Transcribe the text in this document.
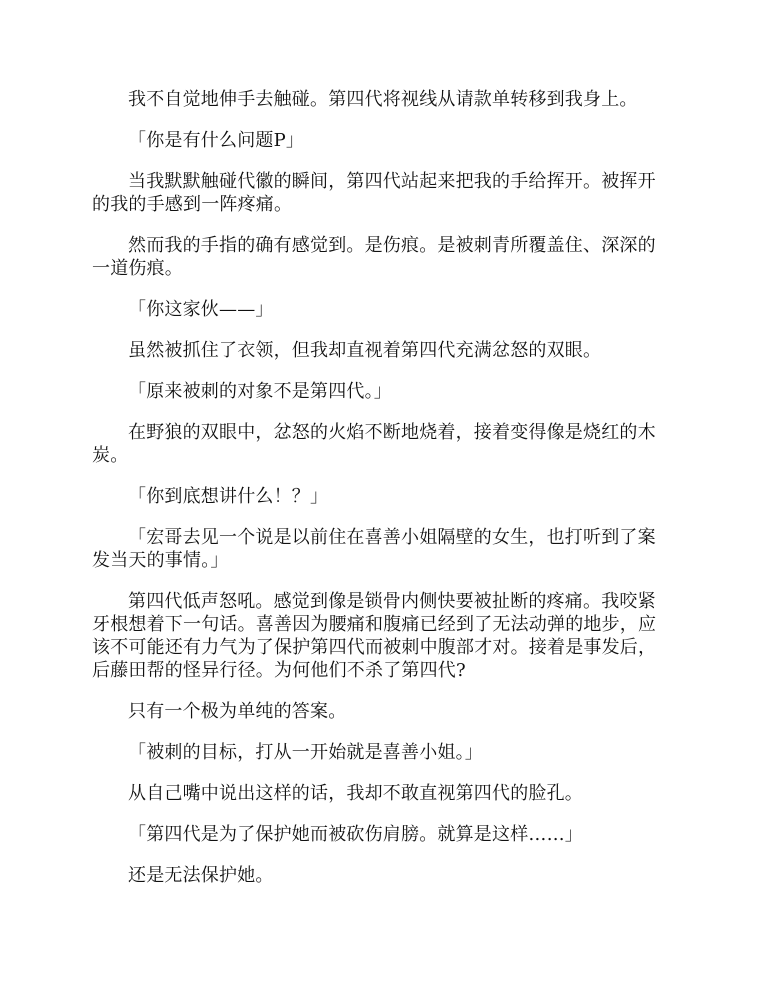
我不自觉地伸手去触碰。第四代将视线从请款单转移到我身上。

「你是有什么问题P」

当我默默触碰代徽的瞬间，第四代站起来把我的手给挥开。被挥开的我的手感到一阵疼痛。

然而我的手指的确有感觉到。是伤痕。是被刺青所覆盖住、深深的一道伤痕。

「你这家伙——」

虽然被抓住了衣领，但我却直视着第四代充满忿怒的双眼。

「原来被刺的对象不是第四代。」

在野狼的双眼中，忿怒的火焰不断地烧着，接着变得像是烧红的木炭。

「你到底想讲什么！？」

「宏哥去见一个说是以前住在喜善小姐隔壁的女生，也打听到了案发当天的事情。」

第四代低声怒吼。感觉到像是锁骨内侧快要被扯断的疼痛。我咬紧牙根想着下一句话。喜善因为腰痛和腹痛已经到了无法动弹的地步，应该不可能还有力气为了保护第四代而被刺中腹部才对。接着是事发后，后藤田帮的怪异行径。为何他们不杀了第四代?

只有一个极为单纯的答案。

「被刺的目标，打从一开始就是喜善小姐。」

从自己嘴中说出这样的话，我却不敢直视第四代的脸孔。

「第四代是为了保护她而被砍伤肩膀。就算是这样……」

还是无法保护她。
